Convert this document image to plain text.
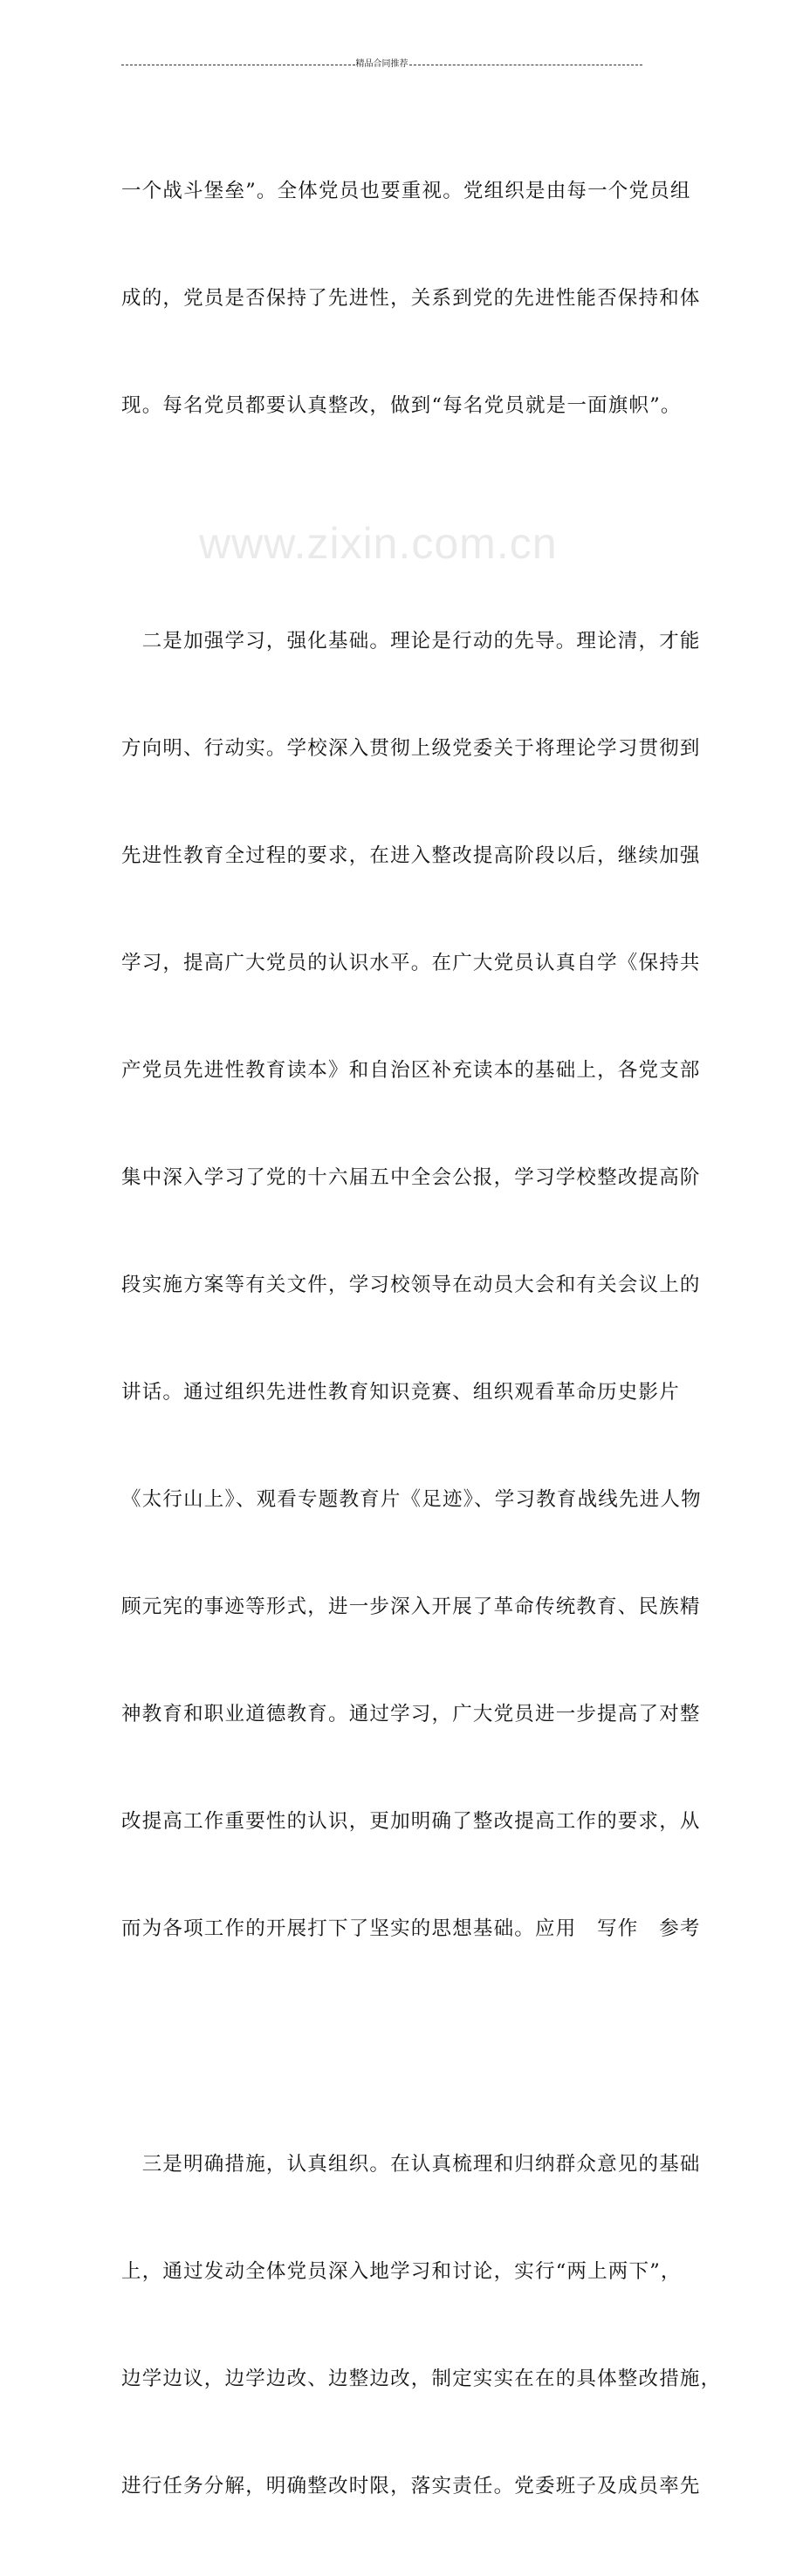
精品合同推荐
www.zixin.com.cn

一个战斗堡垒”。全体党员也要重视。党组织是由每一个党员组

成的，党员是否保持了先进性，关系到党的先进性能否保持和体

现。每名党员都要认真整改，做到“每名党员就是一面旗帜”。

　二是加强学习，强化基础。理论是行动的先导。理论清，才能

方向明、行动实。学校深入贯彻上级党委关于将理论学习贯彻到

先进性教育全过程的要求，在进入整改提高阶段以后，继续加强

学习，提高广大党员的认识水平。在广大党员认真自学《保持共

产党员先进性教育读本》和自治区补充读本的基础上，各党支部

集中深入学习了党的十六届五中全会公报，学习学校整改提高阶

段实施方案等有关文件，学习校领导在动员大会和有关会议上的

讲话。通过组织先进性教育知识竞赛、组织观看革命历史影片

《太行山上》、观看专题教育片《足迹》、学习教育战线先进人物

顾元宪的事迹等形式，进一步深入开展了革命传统教育、民族精

神教育和职业道德教育。通过学习，广大党员进一步提高了对整

改提高工作重要性的认识，更加明确了整改提高工作的要求，从

而为各项工作的开展打下了坚实的思想基础。应用　写作　参考

　三是明确措施，认真组织。在认真梳理和归纳群众意见的基础

上，通过发动全体党员深入地学习和讨论，实行“两上两下”，

边学边议，边学边改、边整边改，制定实实在在的具体整改措施，

进行任务分解，明确整改时限，落实责任。党委班子及成员率先
